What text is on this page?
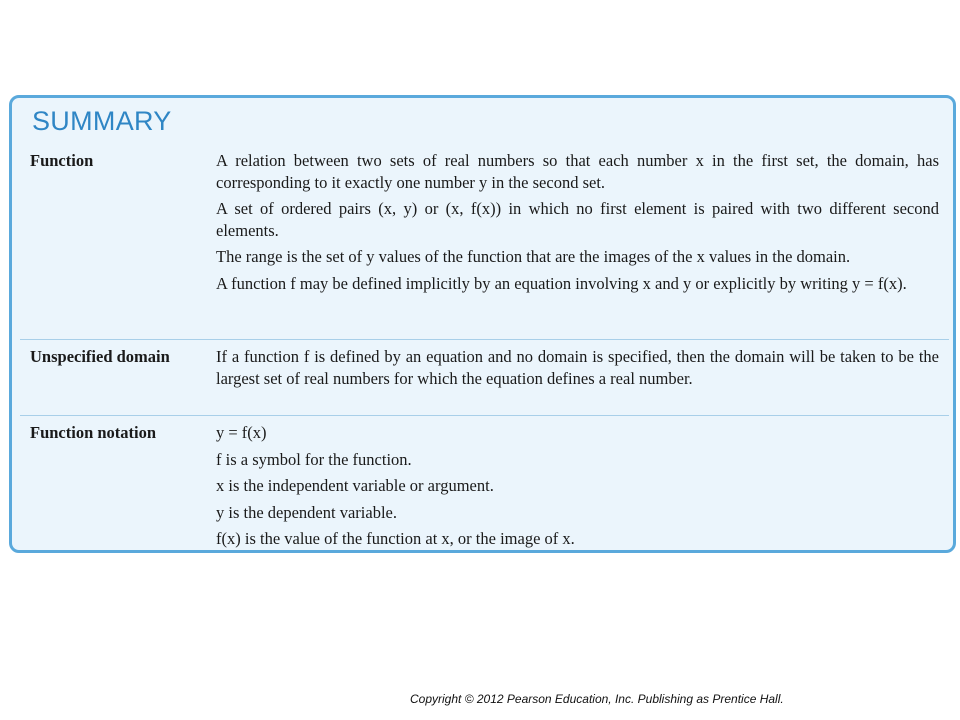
SUMMARY
Function	A relation between two sets of real numbers so that each number x in the first set, the domain, has corresponding to it exactly one number y in the second set.

A set of ordered pairs (x, y) or (x, f(x)) in which no first element is paired with two different second elements.

The range is the set of y values of the function that are the images of the x values in the domain.

A function f may be defined implicitly by an equation involving x and y or explicitly by writing y = f(x).

Unspecified domain	If a function f is defined by an equation and no domain is specified, then the domain will be taken to be the largest set of real numbers for which the equation defines a real number.

Function notation	y = f(x)

f is a symbol for the function.

x is the independent variable or argument.

y is the dependent variable.

f(x) is the value of the function at x, or the image of x.

Copyright © 2012 Pearson Education, Inc. Publishing as Prentice Hall.
